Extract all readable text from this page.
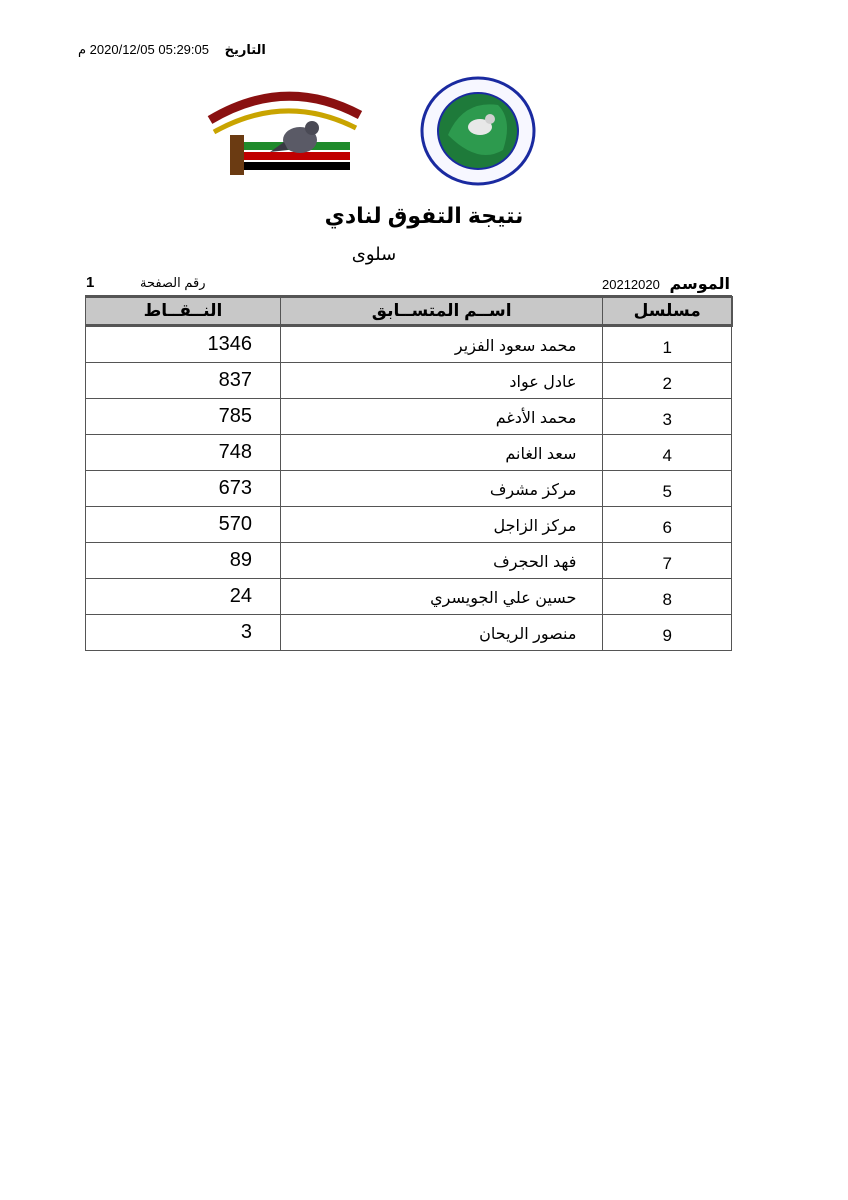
05:29:05 2020/12/05 م التاريخ
نتيجة التفوق لنادي
سلوى
الموسم 20212020
1	رقم الصفحة
مسلسل	اســم المتســابق	النــقــاط
1	محمد سعود الفزير	1346
2	عادل عواد	837
3	محمد الأدغم	785
4	سعد الغانم	748
5	مركز مشرف	673
6	مركز الزاجل	570
7	فهد الحجرف	89
8	حسين علي الجويسري	24
9	منصور الريحان	3
